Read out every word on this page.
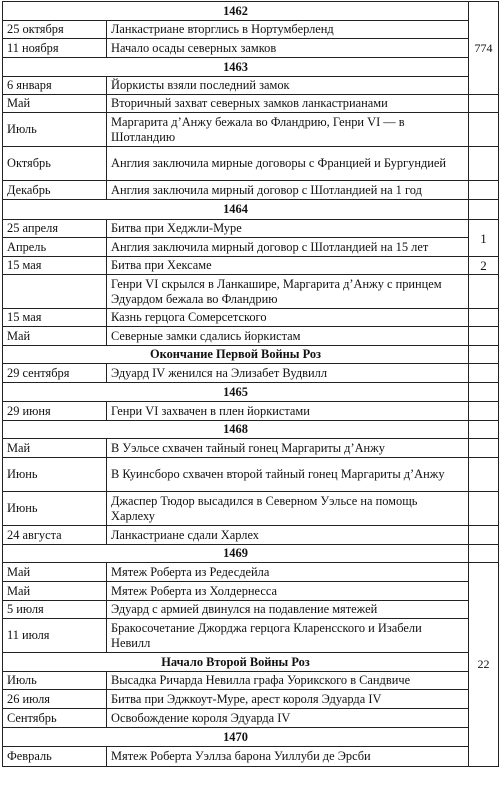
1462		774
25 октября	Ланкастриане вторглись в Нортумберленд	
11 ноября	Начало осады северных замков	
1463		
6 января	Йоркисты взяли последний замок	
Май	Вторичный захват северных замков ланкастрианами	
Июль	Маргарита д’Анжу бежала во Фландрию, Генри VI — в Шотландию	
Октябрь	Англия заключила мирные договоры с Францией и Бургундией	
Декабрь	Англия заключила мирный договор с Шотландией на 1 год	
1464		
25 апреля	Битва при Хеджли-Муре	1
Апрель	Англия заключила мирный договор с Шотландией на 15 лет	
15 мая	Битва при Хексаме	2
	Генри VI скрылся в Ланкашире, Маргарита д’Анжу с принцем Эдуардом бежала во Фландрию	
15 мая	Казнь герцога Сомерсетского	
Май	Северные замки сдались йоркистам	
Окончание Первой Войны Роз		
29 сентября	Эдуард IV женился на Элизабет Вудвилл	
1465		
29 июня	Генри VI захвачен в плен йоркистами	
1468		
Май	В Уэльсе схвачен тайный гонец Маргариты д’Анжу	
Июнь	В Куинсборо схвачен второй тайный гонец Маргариты д’Анжу	
Июнь	Джаспер Тюдор высадился в Северном Уэльсе на помощь Харлеху	
24 августа	Ланкастриане сдали Харлех	
1469		
Май	Мятеж Роберта из Редесдейла	22
Май	Мятеж Роберта из Холдернесса	
5 июля	Эдуард с армией двинулся на подавление мятежей	
11 июля	Бракосочетание Джорджа герцога Кларенсского и Изабели Невилл	
Начало Второй Войны Роз		
Июль	Высадка Ричарда Невилла графа Уорикского в Сандвиче	
26 июля	Битва при Эджкоут-Муре, арест короля Эдуарда IV	
Сентябрь	Освобождение короля Эдуарда IV	
1470		
Февраль	Мятеж Роберта Уэллза барона Уиллуби де Эрсби	
